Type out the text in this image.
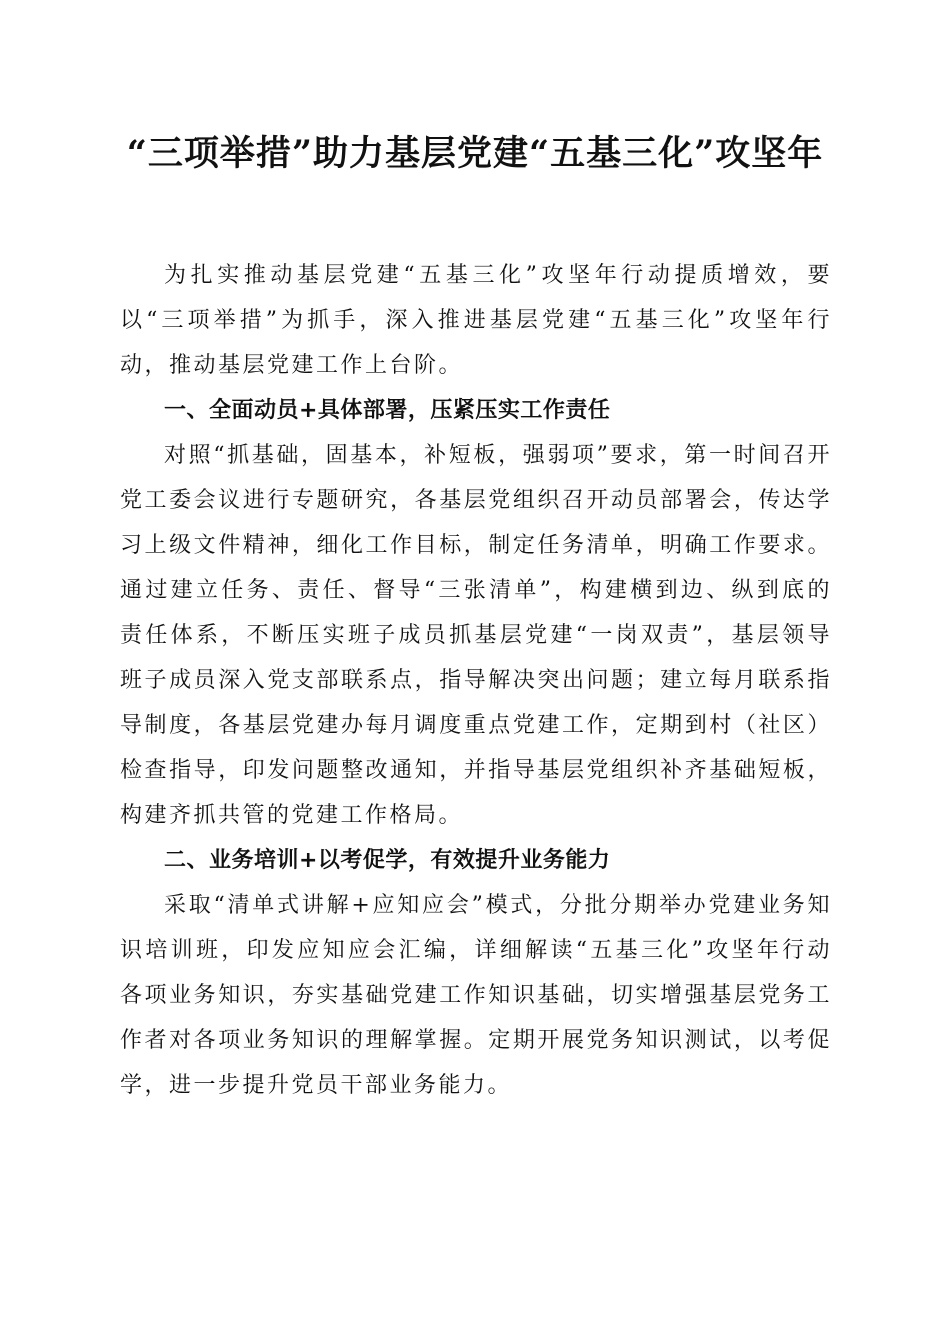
“三项举措”助力基层党建“五基三化”攻坚年

为扎实推动基层党建“五基三化”攻坚年行动提质增效，要以“三项举措”为抓手，深入推进基层党建“五基三化”攻坚年行动，推动基层党建工作上台阶。

一、全面动员+具体部署，压紧压实工作责任

对照“抓基础，固基本，补短板，强弱项”要求，第一时间召开党工委会议进行专题研究，各基层党组织召开动员部署会，传达学习上级文件精神，细化工作目标，制定任务清单，明确工作要求。通过建立任务、责任、督导“三张清单”，构建横到边、纵到底的责任体系，不断压实班子成员抓基层党建“一岗双责”，基层领导班子成员深入党支部联系点，指导解决突出问题；建立每月联系指导制度，各基层党建办每月调度重点党建工作，定期到村（社区）检查指导，印发问题整改通知，并指导基层党组织补齐基础短板，构建齐抓共管的党建工作格局。

二、业务培训+以考促学，有效提升业务能力

采取“清单式讲解+应知应会”模式，分批分期举办党建业务知识培训班，印发应知应会汇编，详细解读“五基三化”攻坚年行动各项业务知识，夯实基础党建工作知识基础，切实增强基层党务工作者对各项业务知识的理解掌握。定期开展党务知识测试，以考促学，进一步提升党员干部业务能力。
